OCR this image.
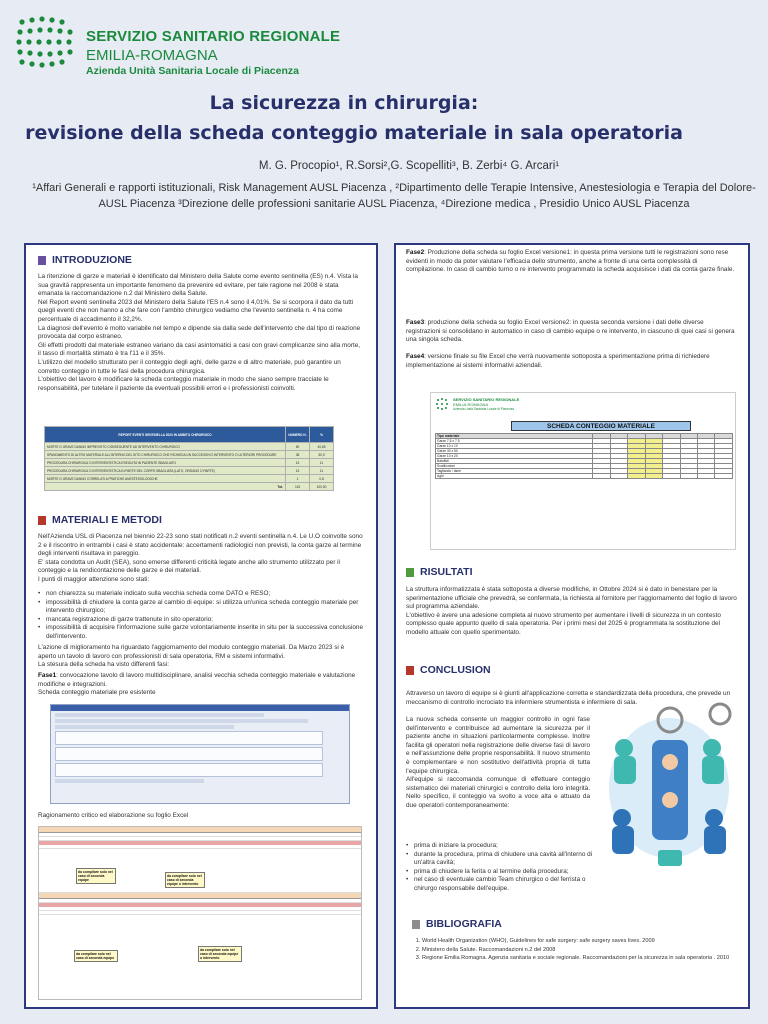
SERVIZIO SANITARIO REGIONALE
EMILIA-ROMAGNA
Azienda Unità Sanitaria Locale di Piacenza
La sicurezza in chirurgia:
revisione della scheda conteggio materiale in sala operatoria
M. G. Procopio¹, R.Sorsi²,G. Scopelliti³, B. Zerbi⁴ G. Arcari¹
¹Affari Generali e rapporti istituzionali, Risk Management AUSL Piacenza , ²Dipartimento delle Terapie Intensive, Anestesiologia e Terapia del Dolore-AUSL Piacenza ³Direzione delle professioni sanitarie AUSL Piacenza, ⁴Direzione medica , Presidio Unico AUSL Piacenza
INTRODUZIONE
La ritenzione di garze e materiali è identificato dal Ministero della Salute come evento sentinella (ES) n.4. Vista la sua gravità rappresenta un importante fenomeno da prevenire ed evitare, per tale ragione nel 2008 è stata emanata la raccomandazione n.2 dal Ministero della Salute.
Nel Report eventi sentinella 2023 del Ministero della Salute l'ES n.4 sono il 4,01%. Se si scorpora il dato da tutti quegli eventi che non hanno a che fare con l'ambito chirurgico vediamo che l'evento sentinella n. 4 ha come percentuale di accadimento il 32,2%.
La diagnosi dell'evento è molto variabile nel tempo e dipende sia dalla sede dell'intervento che dal tipo di reazione provocata dal corpo estraneo.
Gli effetti prodotti dal materiale estraneo variano da casi asintomatici a casi con gravi complicanze sino alla morte, il tasso di mortalità stimato è tra l'11 e il 35%.
L'utilizzo del modello strutturato per il conteggio degli aghi, delle garze e di altro materiale, può garantire un corretto conteggio in tutte le fasi della procedura chirurgica.
L'obiettivo del lavoro è modificare la scheda conteggio materiale in modo che siano sempre tracciate le responsabilità, per tutelare il paziente da eventuali possibili errori e i professionisti coinvolti.
REPORT EVENTI SENTINELLA 2023 IN AMBITO CHIRURGICO	NUMERO N.	%
MORTE O GRAVE DANNO IMPREVISTO CONSEGUENTE AD INTERVENTO CHIRURGICO	50	40,65
SPANDIMENTO DI ALTRO MATERIALE ALL'INTERNO DEL SITO CHIRURGICO CHE RICHIEDA UN SUCCESSIVO INTERVENTO O ULTERIORI PROCEDURE	38	30,9
PROCEDURA CHIRURGICA O INTERVENTISTICA ESEGUITA IN PAZIENTE SBAGLIATO	13	11
PROCEDURA CHIRURGICA O INTERVENTISTICA IN PARTE DEL CORPO SBAGLIATA (LATO, ORGANO O PARTE)	13	11
MORTE O GRAVE DANNO CORRELATI A PRATICHE ANESTESIOLOGICHE	1	0,8
Tot.	115	100,00
MATERIALI E METODI
Nell'Azienda USL di Piacenza nel biennio 22-23 sono stati notificati n.2 eventi sentinella n.4. Le U.O coinvolte sono 2 e il riscontro in entrambi i casi è stato accidentale: accertamenti radiologici non previsti, la conta garze al termine degli interventi risultava in pareggio.
E' stata condotta un Audit (SEA), sono emerse differenti criticità legate anche allo strumento utilizzato per il conteggio e la rendicontazione delle garze e dei materiali.
I punti di maggior attenzione sono stati:
• non chiarezza su materiale indicato sulla vecchia scheda come DATO e RESO;
• impossibilità di chiudere la conta garze al cambio di equipe: si utilizza un'unica scheda conteggio materiale per intervento chirurgico;
• mancata registrazione di garze trattenute in sito operatorio;
• impossibilità di acquisire l'informazione sulle garze volontariamente inserite in situ per la successiva conclusione dell'intervento.
L'azione di miglioramento ha riguardato l'aggiornamento del modulo conteggio materiali. Da Marzo 2023 si è aperto un tavolo di lavoro con professionisti di sala operatoria, RM e sistemi informativi.
La stesura della scheda ha visto differenti fasi:
Fase1: convocazione tavolo di lavoro multidisciplinare, analisi vecchia scheda conteggio materiale e valutazione modifiche e integrazioni.
Scheda conteggio materiale pre esistente
Ragionamento critico ed elaborazione su foglio Excel
da compilare solo nel caso di seconda equipe
da compilare solo nel caso di seconda equipe o intervento
da compilare solo nel caso di seconda equipe
da compilare solo nel caso di seconda equipe o intervento
Fase2: Produzione della scheda su foglio Excel versione1: in questa prima versione tutti le registrazioni sono rese evidenti in modo da poter valutare l'efficacia dello strumento, anche a fronte di una certa complessità di compilazione. In caso di cambio turno o re intervento programmato la scheda acquisisce i dati da conta garze finale.
Fase3: produzione della scheda su foglio Excel versione2: in questa seconda versione i dati delle diverse registrazioni si consolidano in automatico in caso di cambio equipe o re intervento, in ciascuno di quei casi si genera una singola scheda.
Fase4: versione finale su file Excel che verrà nuovamente sottoposta a sperimentazione prima di richiedere implementazione ai sistemi informativi aziendali.
SERVIZIO SANITARIO REGIONALE
EMILIA-ROMAGNA
Azienda Unità Sanitaria Locale di Piacenza
SCHEDA CONTEGGIO MATERIALE
Tipo materiale								
Garze 7,5 x 7,5								
Garze 10 x 10								
Garze 40 x 50								
Garze 10 x 20								
Batuffoli								
Scotti/cotoni								
Tagliando / lame								
Aghi								
RISULTATI
La struttura informatizzata è stata sottoposta a diverse modifiche, in Ottobre 2024 si è dato in benestare per la sperimentazione ufficiale che prevedrà, se confermata, la richiesta al fornitore per l'aggiornamento del foglio di lavoro sul programma aziendale.
L'obiettivo è avere una adesione completa al nuovo strumento per aumentare i livelli di sicurezza in un contesto complesso quale appunto quello di sala operatoria. Per i primi mesi del 2025 è programmata la sostituzione del modello attuale con quello sperimentato.
CONCLUSION
Attraverso un lavoro di equipe si è giunti all'applicazione corretta e standardizzata della procedura, che prevede un meccanismo di controllo incrociato tra infermiere strumentista e infermiere di sala.
La nuova scheda consente un maggior controllo in ogni fase dell'intervento e contribuisce ad aumentare la sicurezza per il paziente anche in situazioni particolarmente complesse. Inoltre facilita gli operatori nella registrazione delle diverse fasi di lavoro e nell'assunzione delle proprie responsabilità. Il nuovo strumento è complementare e non sostitutivo dell'attività propria di tutta l'equipe chirurgica.
All'equipe si raccomanda comunque di effettuare conteggio sistematico dei materiali chirurgici e controllo della loro integrità. Nello specifico, il conteggio va svolto a voce alta e attuato da due operatori contemporaneamente:
• prima di iniziare la procedura;
• durante la procedura, prima di chiudere una cavità all'interno di un'altra cavità;
• prima di chiudere la ferita o al termine della procedura;
• nel caso di eventuale cambio Team chirurgico o del ferrista o chirurgo responsabile dell'equipe.
BIBLIOGRAFIA
1. World Health Organization (WHO), Guidelines for safe surgery: safe surgery saves lives. 2009
2. Ministero della Salute. Raccomandazioni n.2 del 2008
3. Regione Emilia Romagna. Agenzia sanitaria e sociale regionale. Raccomandazioni per la sicurezza in sala operatoria . 2010
